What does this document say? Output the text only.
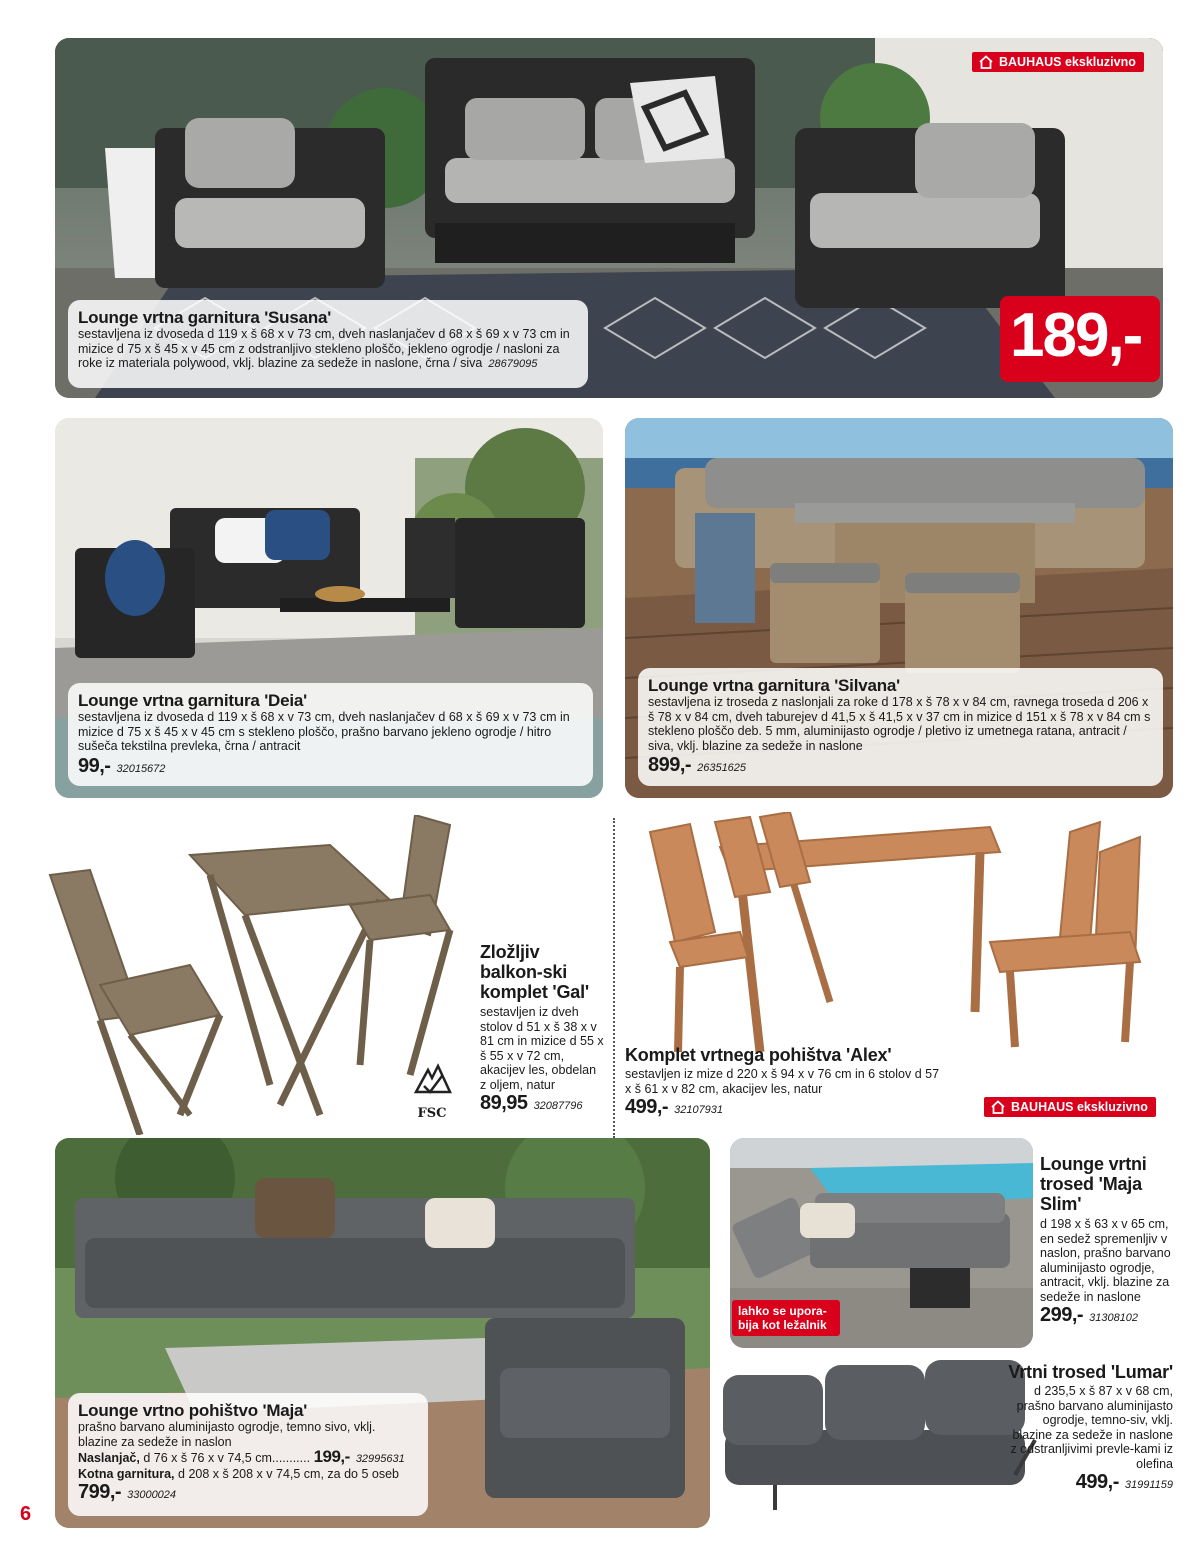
BAUHAUS ekskluzivno
Lounge vrtna garnitura 'Susana'
sestavljena iz dvoseda d 119 x š 68 x v 73 cm, dveh naslanjačev d 68 x š 69 x v 73 cm in mizice d 75 x š 45 x v 45 cm z odstranljivo stekleno ploščo, jekleno ogrodje / nasloni za roke iz materiala polywood, vklj. blazine za sedeže in naslone, črna / siva 28679095	189,-
Lounge vrtna garnitura 'Deia'
sestavljena iz dvoseda d 119 x š 68 x v 73 cm, dveh naslanjačev d 68 x š 69 x v 73 cm in mizice d 75 x š 45 x v 45 cm s stekleno ploščo, prašno barvano jekleno ogrodje / hitro sušeča tekstilna prevleka, črna / antracit
99,- 32015672
Lounge vrtna garnitura 'Silvana'
sestavljena iz troseda z naslonjali za roke d 178 x š 78 x v 84 cm, ravnega troseda d 206 x š 78 x v 84 cm, dveh taburejev d 41,5 x š 41,5 x v 37 cm in mizice d 151 x š 78 x v 84 cm s stekleno ploščo deb. 5 mm, aluminijasto ogrodje / pletivo iz umetnega ratana, antracit / siva, vklj. blazine za sedeže in naslone
899,- 26351625
Zložljiv balkon-ski komplet 'Gal'
sestavljen iz dveh stolov d 51 x š 38 x v 81 cm in mizice d 55 x š 55 x v 72 cm, akacijev les, obdelan z oljem, natur
89,95 32087796
FSC
Komplet vrtnega pohištva 'Alex'
sestavljen iz mize d 220 x š 94 x v 76 cm in 6 stolov d 57 x š 61 x v 82 cm, akacijev les, natur
499,- 32107931	BAUHAUS ekskluzivno
Lounge vrtno pohištvo 'Maja'
prašno barvano aluminijasto ogrodje, temno sivo, vklj. blazine za sedeže in naslon
Naslanjač, d 76 x š 76 x v 74,5 cm........... 199,- 32995631
Kotna garnitura, d 208 x š 208 x v 74,5 cm, za do 5 oseb
799,- 33000024
6
lahko se upora-bija kot ležalnik
Lounge vrtni trosed 'Maja Slim'
d 198 x š 63 x v 65 cm, en sedež spremenljiv v naslon, prašno barvano aluminijasto ogrodje, antracit, vklj. blazine za sedeže in naslone
299,- 31308102
Vrtni trosed 'Lumar'
d 235,5 x š 87 x v 68 cm, prašno barvano aluminijasto ogrodje, temno-siv, vklj. blazine za sedeže in naslone z odstranljivimi prevle-kami iz olefina
499,- 31991159
